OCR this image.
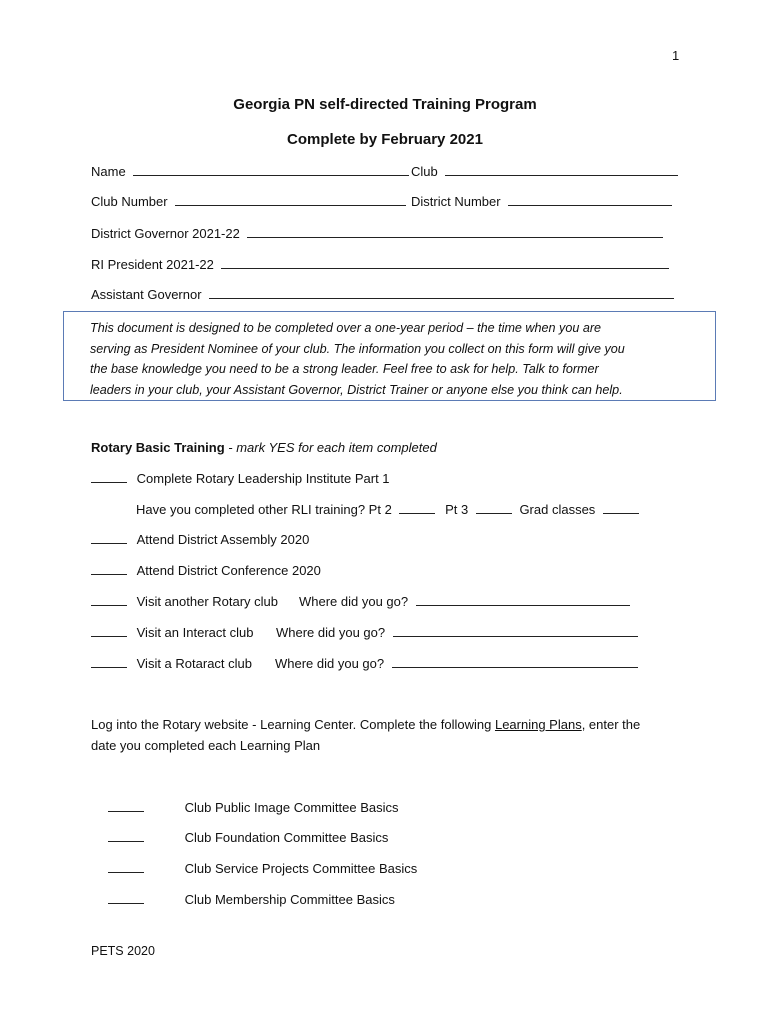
1
Georgia PN self-directed Training Program
Complete by February 2021
Name	Club
Club Number	District Number
District Governor 2021-22
RI President 2021-22
Assistant Governor

This document is designed to be completed over a one-year period – the time when you are

serving as President Nominee of your club. The information you collect on this form will give you

the base knowledge you need to be a strong leader. Feel free to ask for help. Talk to former

leaders in your club, your Assistant Governor, District Trainer or anyone else you think can help.

Rotary Basic Training - mark YES for each item completed
Complete Rotary Leadership Institute Part 1
Have you completed other RLI training? Pt 2	Pt 3	Grad classes
Attend District Assembly 2020
Attend District Conference 2020
Visit another Rotary club Where did you go?
Visit an Interact club Where did you go?
Visit a Rotaract club Where did you go?
Log into the Rotary website - Learning Center. Complete the following Learning Plans, enter the
date you completed each Learning Plan
Club Public Image Committee Basics
Club Foundation Committee Basics
Club Service Projects Committee Basics
Club Membership Committee Basics
PETS 2020
